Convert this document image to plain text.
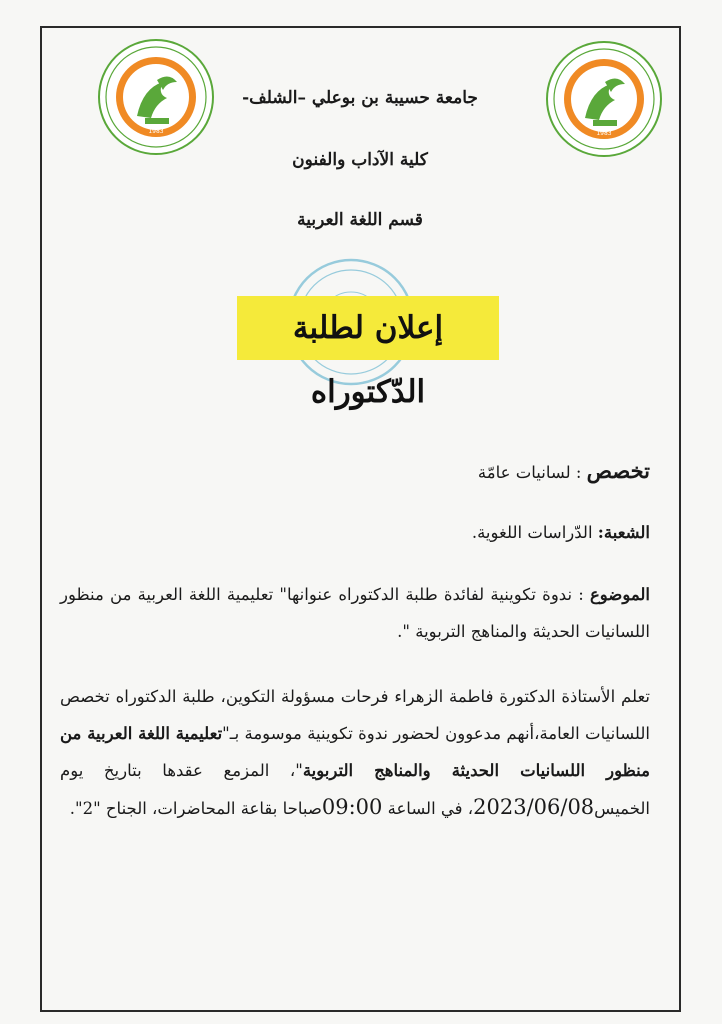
1983	1983
جامعة حسيبة بن بوعلي –الشلف-
كلية الآداب والفنون
قسم اللغة العربية
إعلان لطلبة الدّكتوراه
تخصص : لسانيات عامّة
الشعبة: الدّراسات اللغوية.
الموضوع : ندوة تكوينية لفائدة طلبة الدكتوراه عنوانها" تعليمية اللغة العربية من منظور اللسانيات الحديثة والمناهج التربوية ".
تعلم الأستاذة الدكتورة فاطمة الزهراء فرحات مسؤولة التكوين، طلبة الدكتوراه تخصص اللسانيات العامة،أنهم مدعوون لحضور ندوة تكوينية موسومة بـ"تعليمية اللغة العربية من منظور اللسانيات الحديثة والمناهج التربوية"، المزمع عقدها بتاريخ يوم الخميس2023/06/08، في الساعة 09:00صباحا بقاعة المحاضرات، الجناح "2".
